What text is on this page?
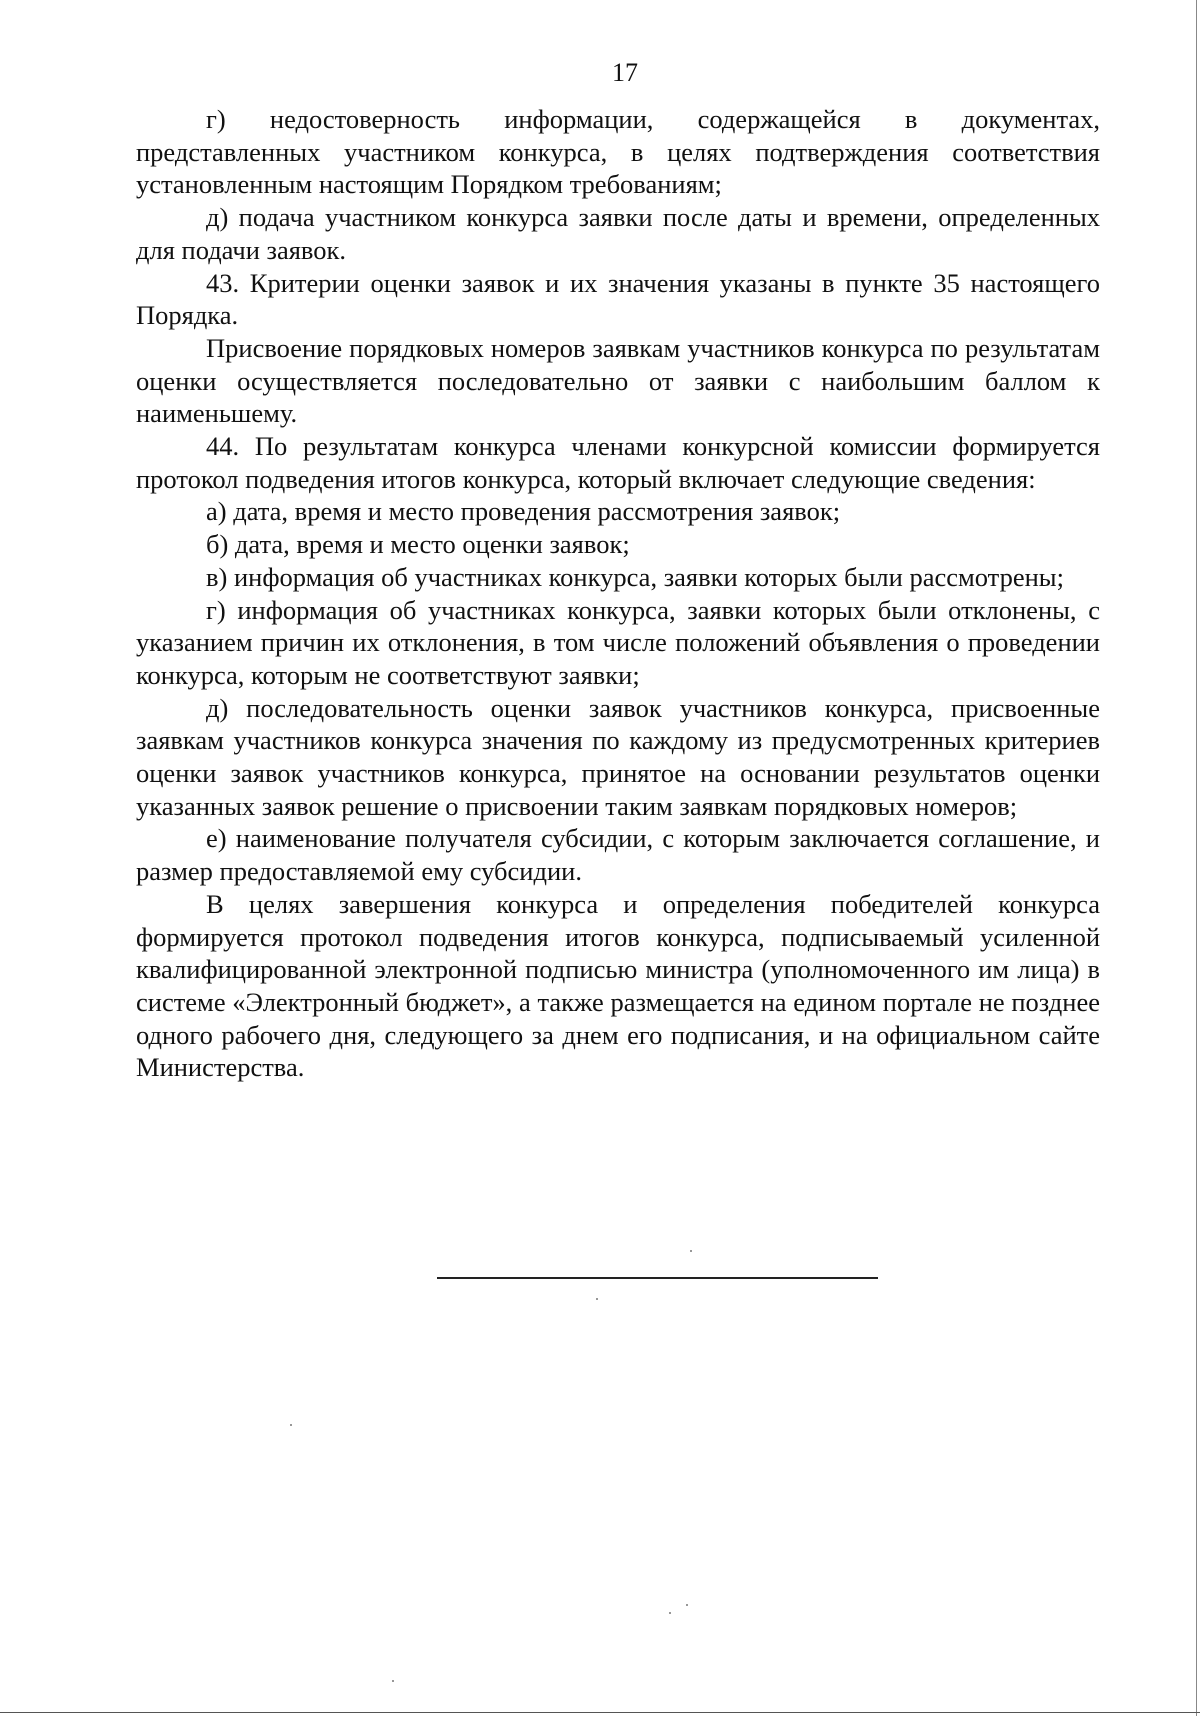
17

г) недостоверность информации, содержащейся в документах, представленных участником конкурса, в целях подтверждения соответствия установленным настоящим Порядком требованиям;

д) подача участником конкурса заявки после даты и времени, определенных для подачи заявок.

43. Критерии оценки заявок и их значения указаны в пункте 35 настоящего Порядка.

Присвоение порядковых номеров заявкам участников конкурса по результатам оценки осуществляется последовательно от заявки с наибольшим баллом к наименьшему.

44. По результатам конкурса членами конкурсной комиссии формируется протокол подведения итогов конкурса, который включает следующие сведения:

а) дата, время и место проведения рассмотрения заявок;

б) дата, время и место оценки заявок;

в) информация об участниках конкурса, заявки которых были рассмотрены;

г) информация об участниках конкурса, заявки которых были отклонены, с указанием причин их отклонения, в том числе положений объявления о проведении конкурса, которым не соответствуют заявки;

д) последовательность оценки заявок участников конкурса, присвоенные заявкам участников конкурса значения по каждому из предусмотренных критериев оценки заявок участников конкурса, принятое на основании результатов оценки указанных заявок решение о присвоении таким заявкам порядковых номеров;

е) наименование получателя субсидии, с которым заключается соглашение, и размер предоставляемой ему субсидии.

В целях завершения конкурса и определения победителей конкурса формируется протокол подведения итогов конкурса, подписываемый усиленной квалифицированной электронной подписью министра (уполномоченного им лица) в системе «Электронный бюджет», а также размещается на едином портале не позднее одного рабочего дня, следующего за днем его подписания, и на официальном сайте Министерства.
